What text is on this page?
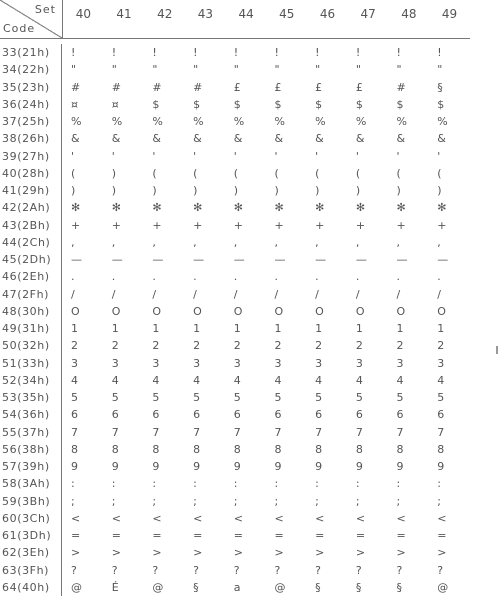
Set
Code
40	41	42	43	44	45	46	47	48	49
33(21h)	!	!	!	!	!	!	!	!	!	!
34(22h)	"	"	"	"	"	"	"	"	"	"
35(23h)	#	#	#	#	£	£	£	£	#	§
36(24h)	¤	¤	$	$	$	$	$	$	$	$
37(25h)	%	%	%	%	%	%	%	%	%	%
38(26h)	&	&	&	&	&	&	&	&	&	&
39(27h)	'	'	'	'	'	'	'	'	'	'
40(28h)	(	)	(	(	(	(	(	(	(	(
41(29h)	)	)	)	)	)	)	)	)	)	)
42(2Ah)	✻	✻	✻	✻	✻	✻	✻	✻	✻	✻
43(2Bh)	+	+	+	+	+	+	+	+	+	+
44(2Ch)	,	,	,	,	,	,	,	,	,	,
45(2Dh)	—	—	—	—	—	—	—	—	—	—
46(2Eh)	.	.	.	.	.	.	.	.	.	.
47(2Fh)	/	/	/	/	/	/	/	/	/	/
48(30h)	O	O	O	O	O	O	O	O	O	O
49(31h)	1	1	1	1	1	1	1	1	1	1
50(32h)	2	2	2	2	2	2	2	2	2	2
51(33h)	3	3	3	3	3	3	3	3	3	3
52(34h)	4	4	4	4	4	4	4	4	4	4
53(35h)	5	5	5	5	5	5	5	5	5	5
54(36h)	6	6	6	6	6	6	6	6	6	6
55(37h)	7	7	7	7	7	7	7	7	7	7
56(38h)	8	8	8	8	8	8	8	8	8	8
57(39h)	9	9	9	9	9	9	9	9	9	9
58(3Ah)	:	:	:	:	:	:	:	:	:	:
59(3Bh)	;	;	;	;	;	;	;	;	;	;
60(3Ch)	<	<	<	<	<	<	<	<	<	<
61(3Dh)	=	=	=	=	=	=	=	=	=	=
62(3Eh)	>	>	>	>	>	>	>	>	>	>
63(3Fh)	?	?	?	?	?	?	?	?	?	?
64(40h)	@	É	@	§	a	@	§	§	§	@
